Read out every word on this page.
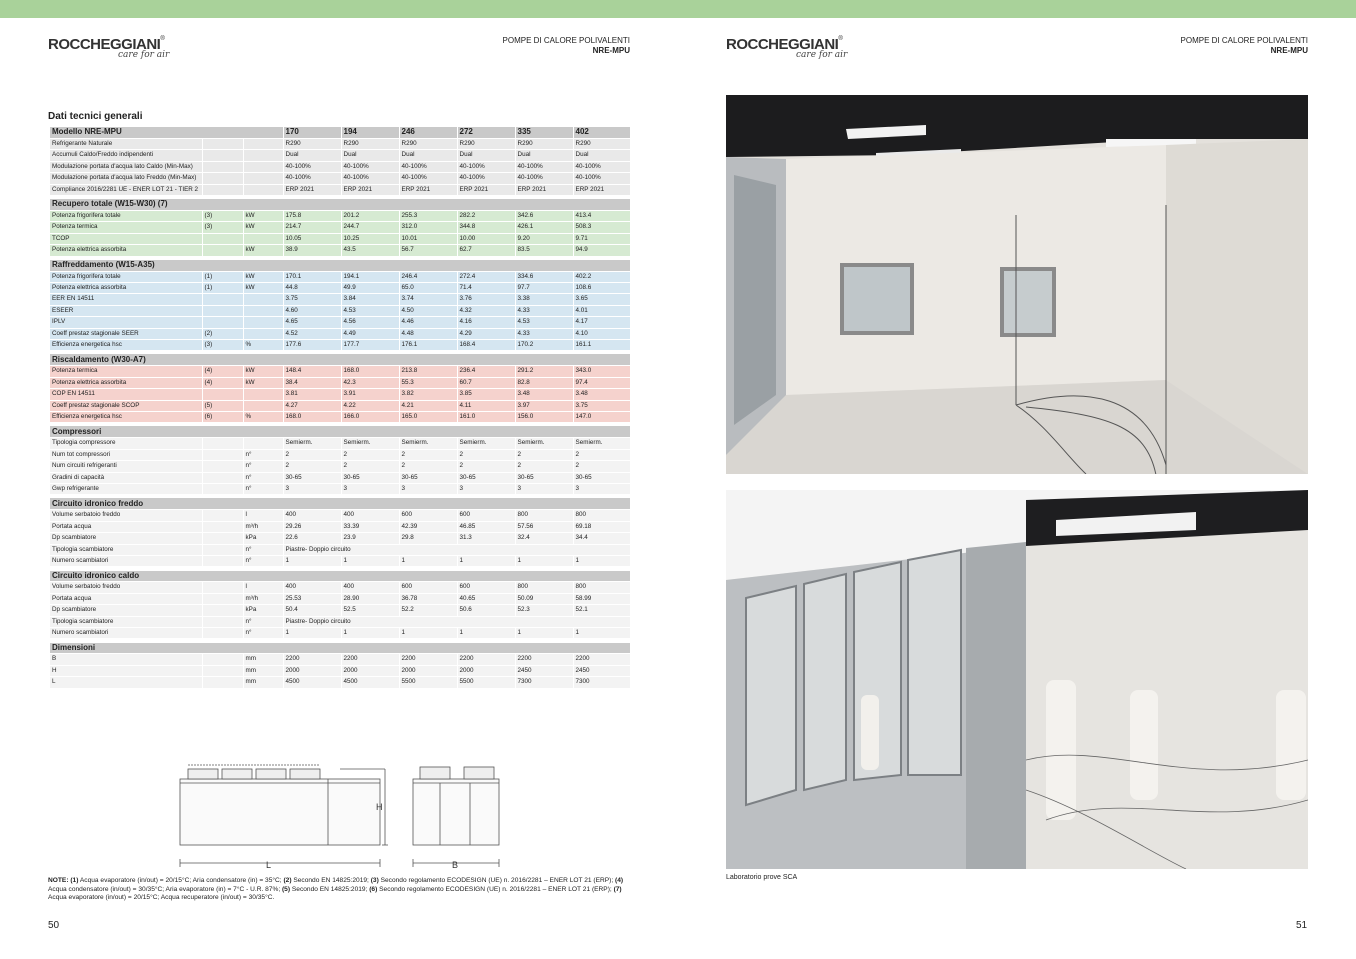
ROCCHEGGIANI®
care for air
POMPE DI CALORE POLIVALENTI
NRE-MPU
Dati tecnici generali
Modello NRE-MPU			170	194	246	272	335	402
Refrigerante Naturale			R290	R290	R290	R290	R290	R290
Accumuli Caldo/Freddo indipendenti			Dual	Dual	Dual	Dual	Dual	Dual
Modulazione portata d'acqua lato Caldo (Min-Max)			40-100%	40-100%	40-100%	40-100%	40-100%	40-100%
Modulazione portata d'acqua lato Freddo (Min-Max)			40-100%	40-100%	40-100%	40-100%	40-100%	40-100%
Compliance 2016/2281 UE - ENER LOT 21 - TIER 2			ERP 2021	ERP 2021	ERP 2021	ERP 2021	ERP 2021	ERP 2021

Recupero totale (W15-W30) (7)								
Potenza frigorifera totale	(3)	kW	175.8	201.2	255.3	282.2	342.6	413.4
Potenza termica	(3)	kW	214.7	244.7	312.0	344.8	426.1	508.3
TCOP			10.05	10.25	10.01	10.00	9.20	9.71
Potenza elettrica assorbita		kW	38.9	43.5	56.7	62.7	83.5	94.9

Raffreddamento (W15-A35)								
Potenza frigorifera totale	(1)	kW	170.1	194.1	246.4	272.4	334.6	402.2
Potenza elettrica assorbita	(1)	kW	44.8	49.9	65.0	71.4	97.7	108.6
EER EN 14511			3.75	3.84	3.74	3.76	3.38	3.65
ESEER			4.60	4.53	4.50	4.32	4.33	4.01
IPLV			4.65	4.56	4.46	4.16	4.53	4.17
Coeff prestaz stagionale SEER	(2)		4.52	4.49	4.48	4.29	4.33	4.10
Efficienza energetica hsc	(3)	%	177.6	177.7	176.1	168.4	170.2	161.1

Riscaldamento (W30-A7)								
Potenza termica	(4)	kW	148.4	168.0	213.8	236.4	291.2	343.0
Potenza elettrica assorbita	(4)	kW	38.4	42.3	55.3	60.7	82.8	97.4
COP EN 14511			3.81	3.91	3.82	3.85	3.48	3.48
Coeff prestaz stagionale SCOP	(5)		4.27	4.22	4.21	4.11	3.97	3.75
Efficienza energetica hsc	(6)	%	168.0	166.0	165.0	161.0	156.0	147.0

Compressori								
Tipologia compressore			Semierm.	Semierm.	Semierm.	Semierm.	Semierm.	Semierm.
Num tot compressori		n°	2	2	2	2	2	2
Num circuiti refrigeranti		n°	2	2	2	2	2	2
Gradini di capacità		n°	30-65	30-65	30-65	30-65	30-65	30-65
Gwp refrigerante		n°	3	3	3	3	3	3

Circuito idronico freddo								
Volume serbatoio freddo		l	400	400	600	600	800	800
Portata acqua		m³/h	29.26	33.39	42.39	46.85	57.56	69.18
Dp scambiatore		kPa	22.6	23.9	29.8	31.3	32.4	34.4
Tipologia scambiatore		n°	Piastre- Doppio circuito					
Numero scambiatori		n°	1	1	1	1	1	1

Circuito idronico caldo								
Volume serbatoio freddo		l	400	400	600	600	800	800
Portata acqua		m³/h	25.53	28.90	36.78	40.65	50.09	58.99
Dp scambiatore		kPa	50.4	52.5	52.2	50.6	52.3	52.1
Tipologia scambiatore		n°	Piastre- Doppio circuito					
Numero scambiatori		n°	1	1	1	1	1	1

Dimensioni								
B		mm	2200	2200	2200	2200	2200	2200
H		mm	2000	2000	2000	2000	2450	2450
L		mm	4500	4500	5500	5500	7300	7300
H
L	B
NOTE: (1) Acqua evaporatore (in/out) = 20/15°C; Aria condensatore (in) = 35°C; (2) Secondo EN 14825:2019; (3) Secondo regolamento ECODESIGN (UE) n. 2016/2281 – ENER LOT 21 (ERP); (4) Acqua condensatore (in/out) = 30/35°C; Aria evaporatore (in) = 7°C - U.R. 87%; (5) Secondo EN 14825:2019; (6) Secondo regolamento ECODESIGN (UE) n. 2016/2281 – ENER LOT 21 (ERP); (7) Acqua evaporatore (in/out) = 20/15°C; Acqua recuperatore (in/out) = 30/35°C.
50
ROCCHEGGIANI®
care for air
POMPE DI CALORE POLIVALENTI
NRE-MPU
51
Laboratorio prove SCA
